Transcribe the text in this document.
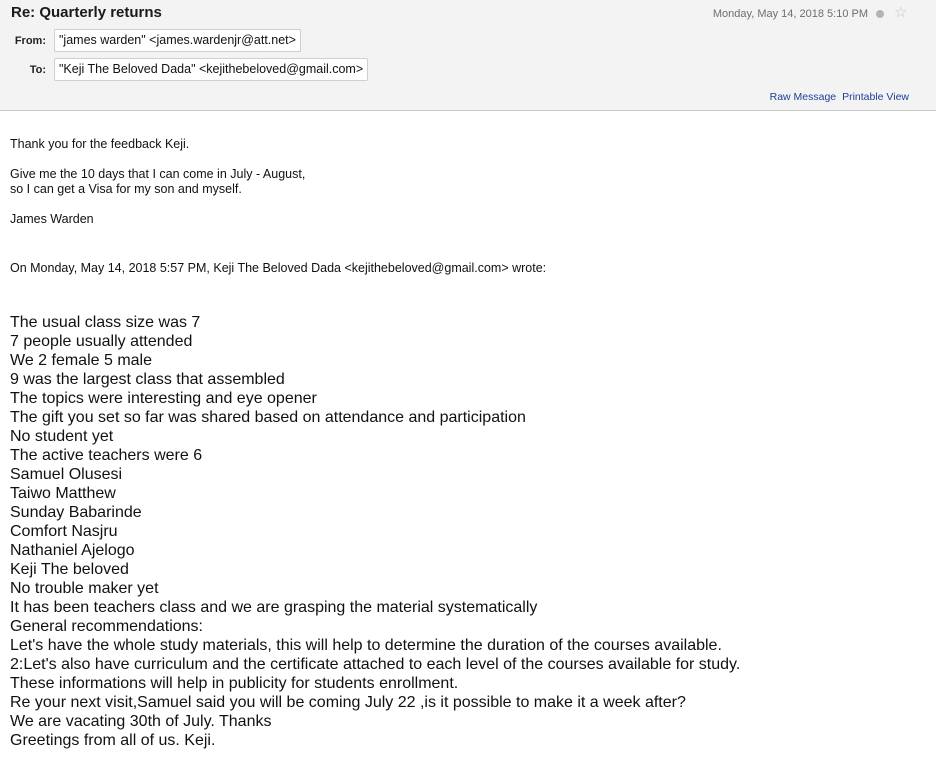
Re: Quarterly returns	Monday, May 14, 2018 5:10 PM ☆
From:	"james warden" <james.wardenjr@att.net>
To:	"Keji The Beloved Dada" <kejithebeloved@gmail.com>
Raw Message Printable View

Thank you for the feedback Keji.

Give me the 10 days that I can come in July - August,

so I can get a Visa for my son and myself.

James Warden

On Monday, May 14, 2018 5:57 PM, Keji The Beloved Dada <kejithebeloved@gmail.com> wrote:

The usual class size was 7
7 people usually attended
We 2 female 5 male
9 was the largest class that assembled
The topics were interesting and eye opener
The gift you set so far was shared based on attendance and participation
No student yet
The active teachers were 6
Samuel Olusesi
Taiwo Matthew
Sunday Babarinde
Comfort Nasjru
Nathaniel Ajelogo
Keji The beloved
No trouble maker yet
It has been teachers class and we are grasping the material systematically
General recommendations:
Let's have the whole study materials, this will help to determine the duration of the courses available.
2:Let's also have curriculum and the certificate attached to each level of the courses available for study.
These informations will help in publicity for students enrollment.
Re your next visit,Samuel said you will be coming July 22 ,is it possible to make it a week after?
We are vacating 30th of July. Thanks
Greetings from all of us. Keji.
